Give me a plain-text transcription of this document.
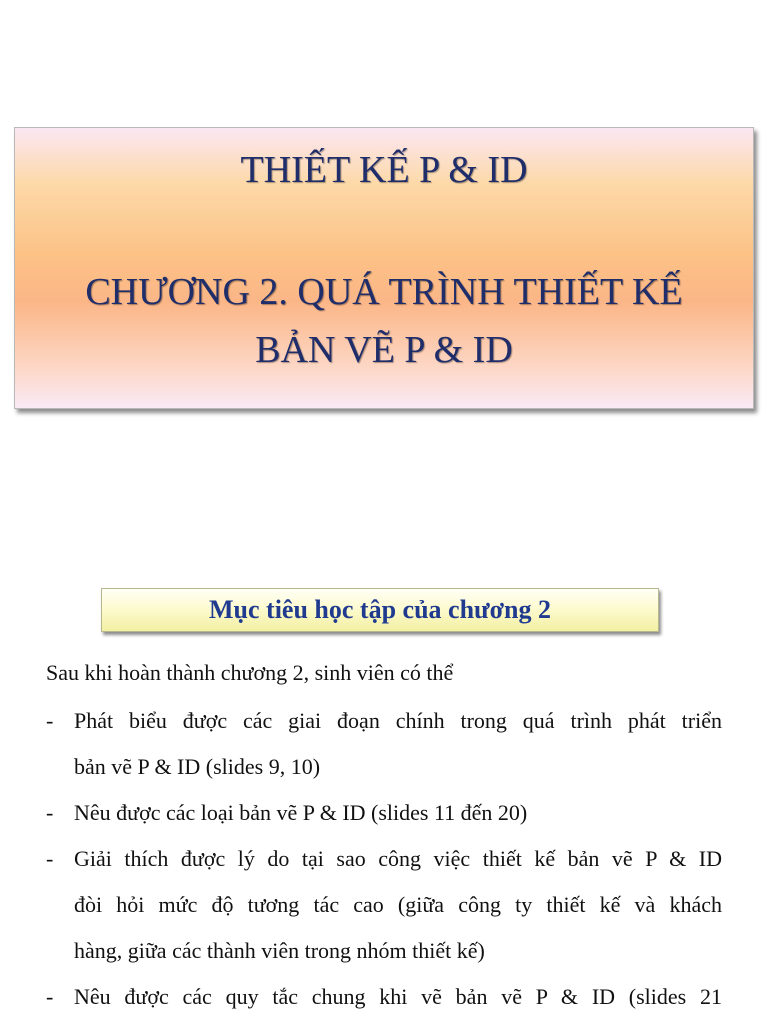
THIẾT KẾ P & ID
CHƯƠNG 2. QUÁ TRÌNH THIẾT KẾ
BẢN VẼ P & ID
Mục tiêu học tập của chương 2
Sau khi hoàn thành chương 2, sinh viên có thể
- Phát biểu được các giai đoạn chính trong quá trình phát triển
bản vẽ P & ID (slides 9, 10)
- Nêu được các loại bản vẽ P & ID (slides 11 đến 20)
- Giải thích được lý do tại sao công việc thiết kế bản vẽ P & ID
đòi hỏi mức độ tương tác cao (giữa công ty thiết kế và khách
hàng, giữa các thành viên trong nhóm thiết kế)
- Nêu được các quy tắc chung khi vẽ bản vẽ P & ID (slides 21
